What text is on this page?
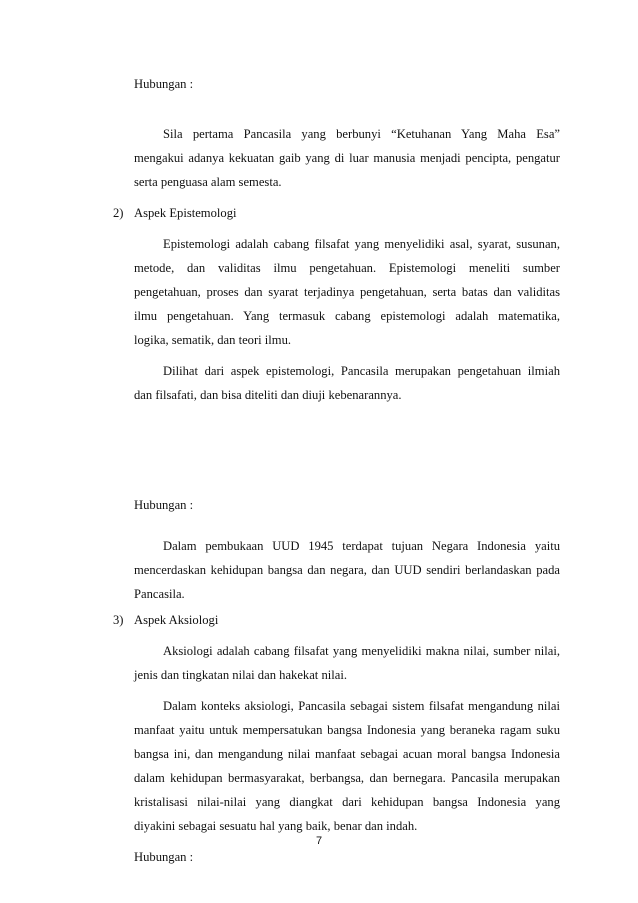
Hubungan :
Sila pertama Pancasila yang berbunyi “Ketuhanan Yang Maha Esa”
mengakui adanya kekuatan gaib yang di luar manusia menjadi pencipta, pengatur
serta penguasa alam semesta.
2) Aspek Epistemologi
Epistemologi adalah cabang filsafat yang menyelidiki asal, syarat, susunan,
metode, dan validitas ilmu pengetahuan. Epistemologi meneliti sumber
pengetahuan, proses dan syarat terjadinya pengetahuan, serta batas dan validitas
ilmu pengetahuan. Yang termasuk cabang epistemologi adalah matematika,
logika, sematik, dan teori ilmu.
Dilihat dari aspek epistemologi, Pancasila merupakan pengetahuan ilmiah
dan filsafati, dan bisa diteliti dan diuji kebenarannya.
Hubungan :
Dalam pembukaan UUD 1945 terdapat tujuan Negara Indonesia yaitu
mencerdaskan kehidupan bangsa dan negara, dan UUD sendiri berlandaskan pada
Pancasila.
3) Aspek Aksiologi
Aksiologi adalah cabang filsafat yang menyelidiki makna nilai, sumber nilai,
jenis dan tingkatan nilai dan hakekat nilai.
Dalam konteks aksiologi, Pancasila sebagai sistem filsafat mengandung nilai
manfaat yaitu untuk mempersatukan bangsa Indonesia yang beraneka ragam suku
bangsa ini, dan mengandung nilai manfaat sebagai acuan moral bangsa Indonesia
dalam kehidupan bermasyarakat, berbangsa, dan bernegara. Pancasila merupakan
kristalisasi nilai-nilai yang diangkat dari kehidupan bangsa Indonesia yang
diyakini sebagai sesuatu hal yang baik, benar dan indah.
Hubungan :
7
